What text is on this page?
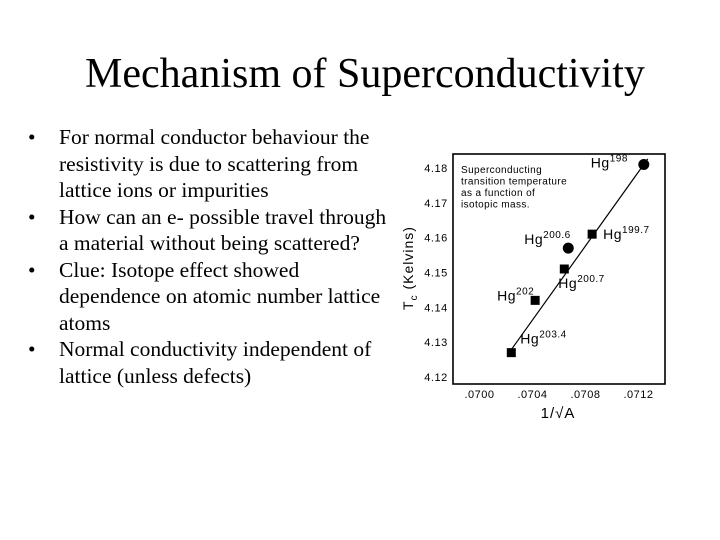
Mechanism of Superconductivity
• For normal conductor behaviour the resistivity is due to scattering from lattice ions or impurities
• How can an e- possible travel through a material without being scattered?
• Clue: Isotope effect showed dependence on atomic number lattice atoms
• Normal conductivity independent of lattice (unless defects)
$T_c$ (Kelvins)
4.18
4.17
4.16
4.15
4.14
4.13
4.12
.0700 .0704 .0708 .0712
1/√A
Superconducting
transition temperature
as a function of
isotopic mass.
Hg$^{198}$
$Hg^{199.7}$
$Hg^{200.6}$
$Hg^{200.7}$
Hg$^{202}$
$Hg^{203.4}$
